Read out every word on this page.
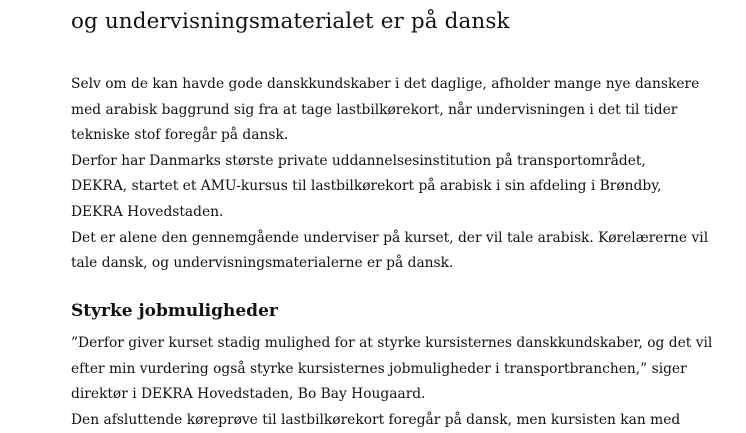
og undervisningsmaterialet er på dansk

Selv om de kan havde gode danskkundskaber i det daglige, afholder mange nye danskere

med arabisk baggrund sig fra at tage lastbilkørekort, når undervisningen i det til tider

tekniske stof foregår på dansk.

Derfor har Danmarks største private uddannelsesinstitution på transportområdet,

DEKRA, startet et AMU-kursus til lastbilkørekort på arabisk i sin afdeling i Brøndby,

DEKRA Hovedstaden.

Det er alene den gennemgående underviser på kurset, der vil tale arabisk. Kørelærerne vil

tale dansk, og undervisningsmaterialerne er på dansk.

Styrke jobmuligheder

”Derfor giver kurset stadig mulighed for at styrke kursisternes danskkundskaber, og det vil

efter min vurdering også styrke kursisternes jobmuligheder i transportbranchen,” siger

direktør i DEKRA Hovedstaden, Bo Bay Hougaard.

Den afsluttende køreprøve til lastbilkørekort foregår på dansk, men kursisten kan med
